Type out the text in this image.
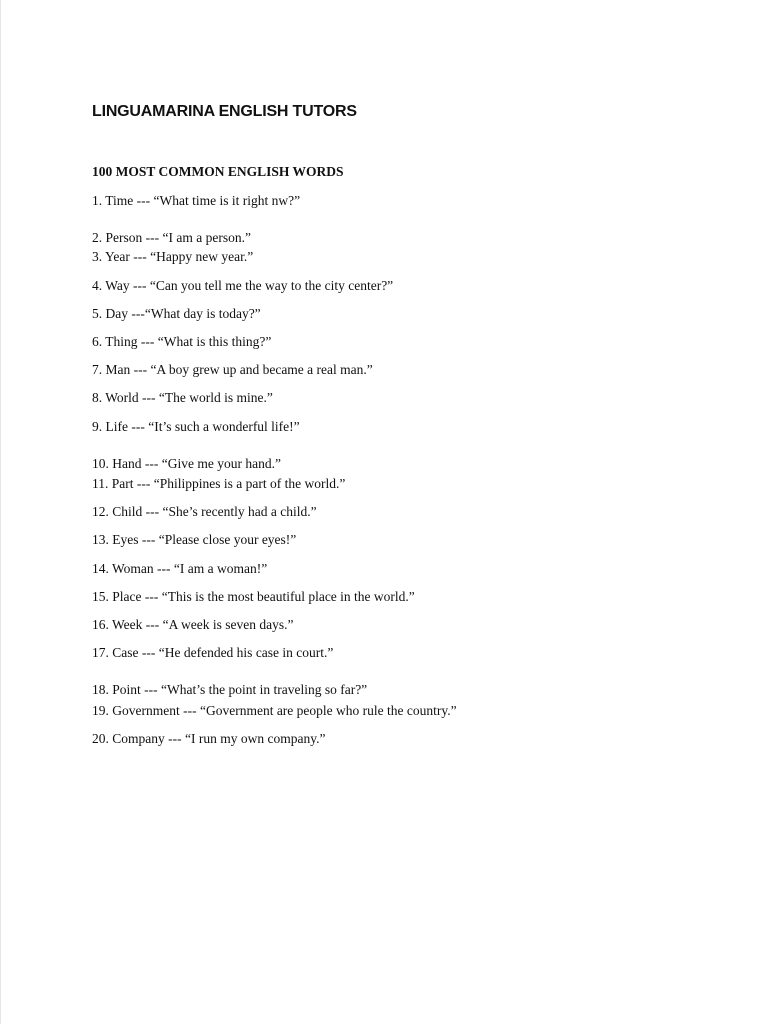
LINGUAMARINA ENGLISH TUTORS
100 MOST COMMON ENGLISH WORDS
1. Time --- “What time is it right nw?”
2. Person --- “I am a person.”
3. Year --- “Happy new year.”
4. Way --- “Can you tell me the way to the city center?”
5. Day ---“What day is today?”
6. Thing --- “What is this thing?”
7. Man --- “A boy grew up and became a real man.”
8. World --- “The world is mine.”
9. Life --- “It’s such a wonderful life!”
10. Hand --- “Give me your hand.”
11. Part --- “Philippines is a part of the world.”
12. Child --- “She’s recently had a child.”
13. Eyes --- “Please close your eyes!”
14. Woman --- “I am a woman!”
15. Place --- “This is the most beautiful place in the world.”
16. Week --- “A week is seven days.”
17. Case --- “He defended his case in court.”
18. Point --- “What’s the point in traveling so far?”
19. Government --- “Government are people who rule the country.”
20. Company --- “I run my own company.”
